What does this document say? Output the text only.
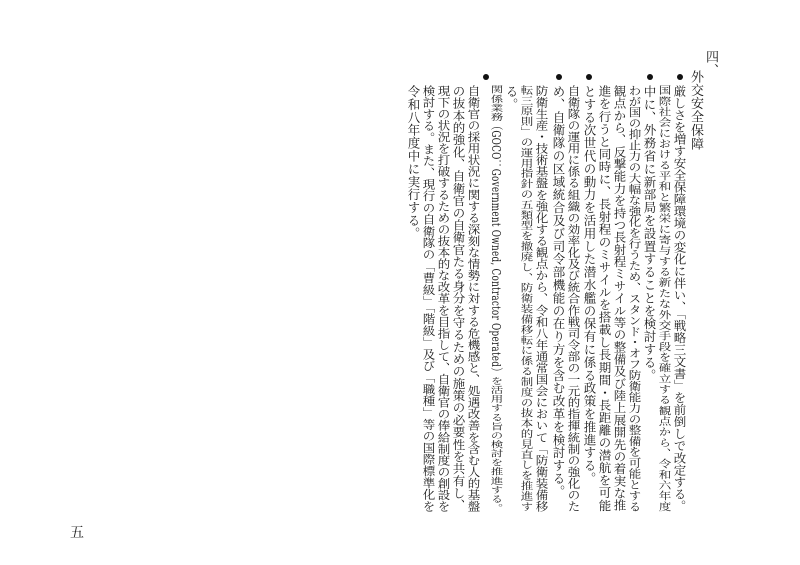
四、
外交安全保障
厳しさを増す安全保障環境の変化に伴い、「戦略三文書」を前倒しで改定する。
国際社会における平和と繁栄に寄与する新たな外交手段を確立する観点から、令和六年度
中に、外務省に新部局を設置することを検討する。
わが国の抑止力の大幅な強化を行うため、スタンド・オフ防衛能力の整備を可能とする
観点から、反撃能力を持つ長射程ミサイル等の整備及び陸上展開先の着実な推
進を行うと同時に、長射程のミサイルを搭載し長期間・長距離の潜航を可能
とする次世代の動力を活用した潜水艦の保有に係る政策を推進する。
自衛隊の運用に係る組織の効率化及び統合作戦司令部の一元的指揮統制の強化のた
め、自衛隊の区域統合及び司令部機能の在り方を含む改革を検討する。
防衛生産・技術基盤を強化する観点から、令和八年通常国会において「防衛装備移
転三原則」の運用指針の五類型を撤廃し、防衛装備移転に係る制度の抜本的見直しを推進す
る。
関係業務（GOCO：Government Owned, Contractor Operated）を活用する旨の検討を推進する。
自衛官の採用状況に関する深刻な情勢に対する危機感と、処遇改善を含む人的基盤
の抜本的強化、自衛官の自衛官たる身分を守るための施策の必要性を共有し、
現下の状況を打破するための抜本的な改革を目指して、自衛官の俸給制度の創設を
検討する。また、現行の自衛隊の「曹級」「階級」及び「職種」等の国際標準化を
令和八年度中に実行する。
五
